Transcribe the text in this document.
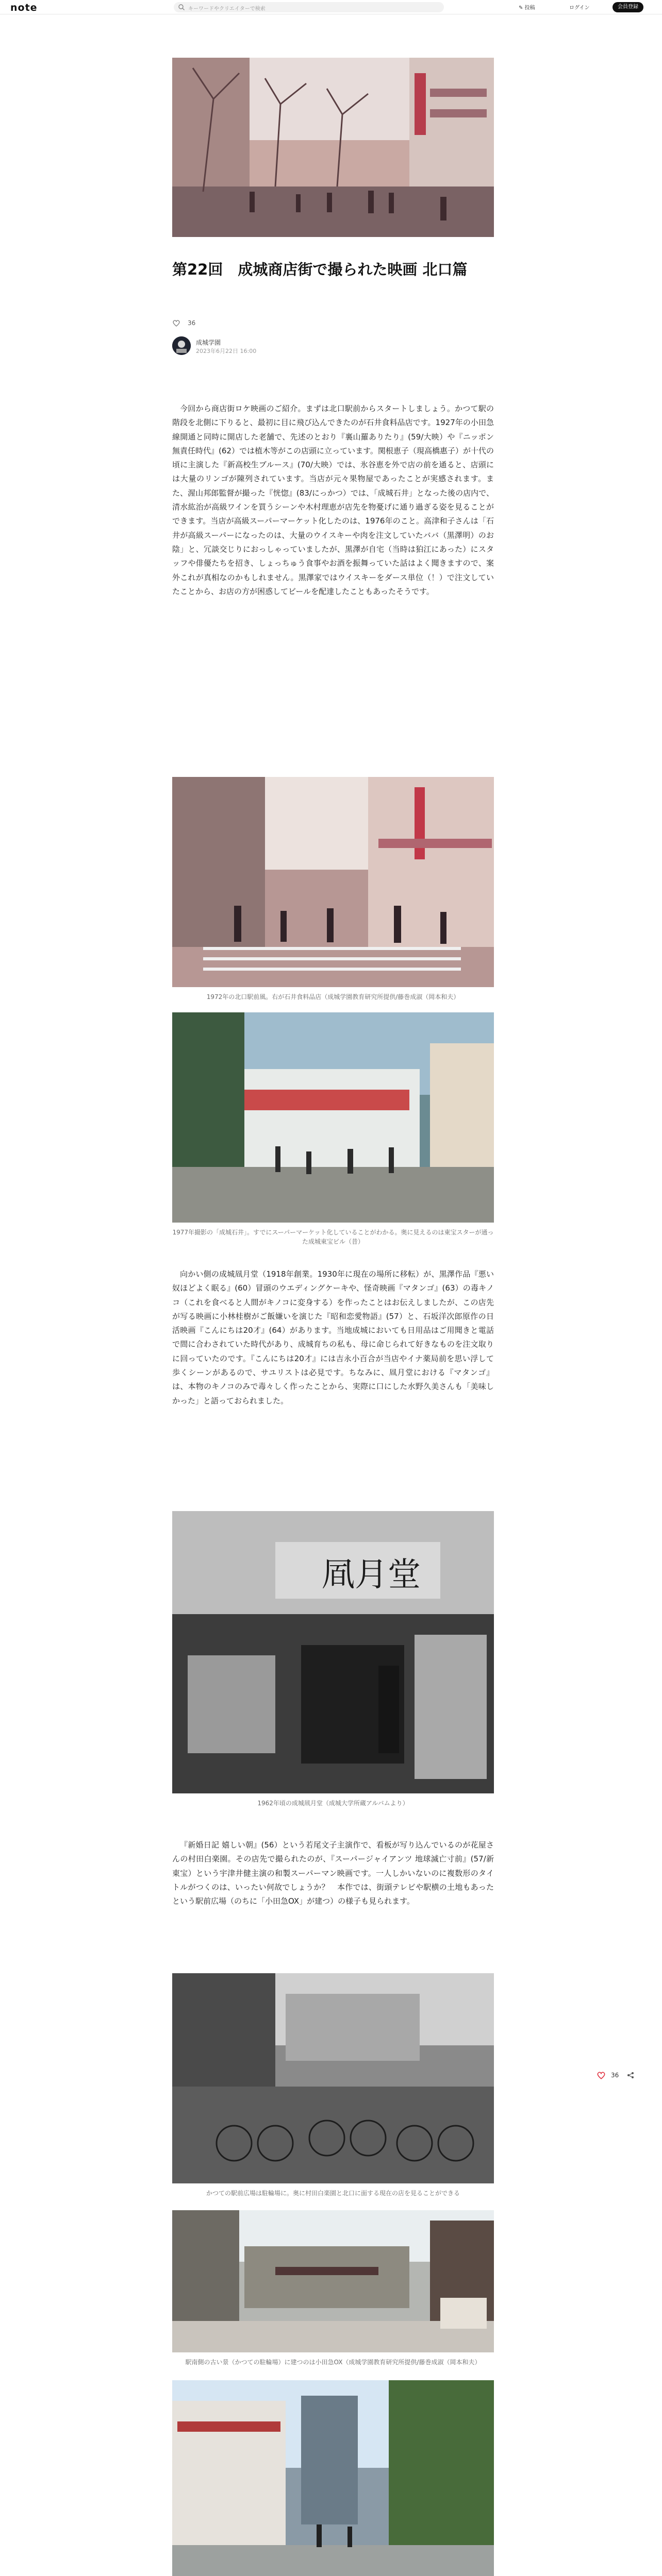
note	キーワードやクリエイターで検索	✎ 投稿	ログイン	会員登録
第22回　成城商店街で撮られた映画 北口篇
36
成城学園
2023年6月22日 16:00

今回から商店街ロケ映画のご紹介。まずは北口駅前からスタートしましょう。かつて駅の階段を北側に下りると、最初に目に飛び込んできたのが石井食料品店です。1927年の小田急線開通と同時に開店した老舗で、先述のとおり『裏山羅ありたり』(59/大映）や『ニッポン無責任時代』(62）では植木等がこの店頭に立っています。関根恵子（現高橋惠子）が十代の頃に主演した『新高校生ブルース』(70/大映）では、氷谷恵を外で店の前を通ると、店頭には大量のリンゴが陳列されています。当店が元々果物屋であったことが実感されます。また、渥山邦郎監督が撮った『恍惚』(83/にっかつ）では、「成城石井」となった後の店内で、清水紘治が高級ワインを買うシーンや木村理恵が店先を物憂げに通り過ぎる姿を見ることができます。当店が高級スーパーマーケット化したのは、1976年のこと。高津和子さんは「石井が高級スーパーになったのは、大量のウイスキーや肉を注文していたババ（黒澤明）のお陰」と、冗談交じりにおっしゃっていましたが、黒澤が自宅（当時は狛江にあった）にスタッフや俳優たちを招き、しょっちゅう食事やお酒を振舞っていた話はよく聞きますので、案外これが真相なのかもしれません。黒澤家ではウイスキーをダース単位（！）で注文していたことから、お店の方が困惑してビールを配達したこともあったそうです。

1972年の北口駅前風。右が石井食料品店（成城学園教育研究所提供/藤巻成淑（岡本和夫）
1977年撮影の「成城石井」。すでにスーパーマーケット化していることがわかる。奥に見えるのは東宝スターが通った成城東宝ビル（昔）

向かい側の成城凮月堂（1918年創業。1930年に現在の場所に移転）が、黒澤作品『悪い奴ほどよく眠る』(60）冒頭のウエディングケーキや、怪奇映画『マタンゴ』(63）の毒キノコ（これを食べると人間がキノコに変身する）を作ったことはお伝えしましたが、この店先が写る映画に小林桂樹がご飯嫌いを演じた『昭和恋愛物語』(57）と、石坂洋次郎原作の日活映画『こんにちは20才』(64）があります。当地成城においても日用品はご用聞きと電話で間に合わされていた時代があり、成城育ちの私も、母に命じられて好きなものを注文取りに回っていたのです。『こんにちは20才』には吉永小百合が当店やイナ薬局前を思い浮して歩くシーンがあるので、サユリストは必見です。ちなみに、凮月堂における『マタンゴ』は、本物のキノコのみで毒々しく作ったことから、実際に口にした水野久美さんも「美味しかった」と語っておられました。

凮月堂
1962年頃の成城凮月堂（成城大学所蔵アルバムより）

『新婚日記 嬉しい朝』(56）という若尾文子主演作で、看板が写り込んでいるのが花屋さんの村田白楽園。その店先で撮られたのが、『スーパージャイアンツ 地球滅亡寸前』(57/新東宝）という宇津井健主演の和製スーパーマン映画です。一人しかいないのに複数形のタイトルがつくのは、いったい何故でしょうか？　本作では、街頭テレビや駅横の土地もあったという駅前広場（のちに「小田急OX」が建つ）の様子も見られます。

かつての駅前広場は駐輪場に。奥に村田白楽園と北口に面する現在の店を見ることができる
駅南側の古い景（かつての駐輪場）に建つのは小田急OX（成城学園教育研究所提供/藤巻成淑（岡本和夫）

36
